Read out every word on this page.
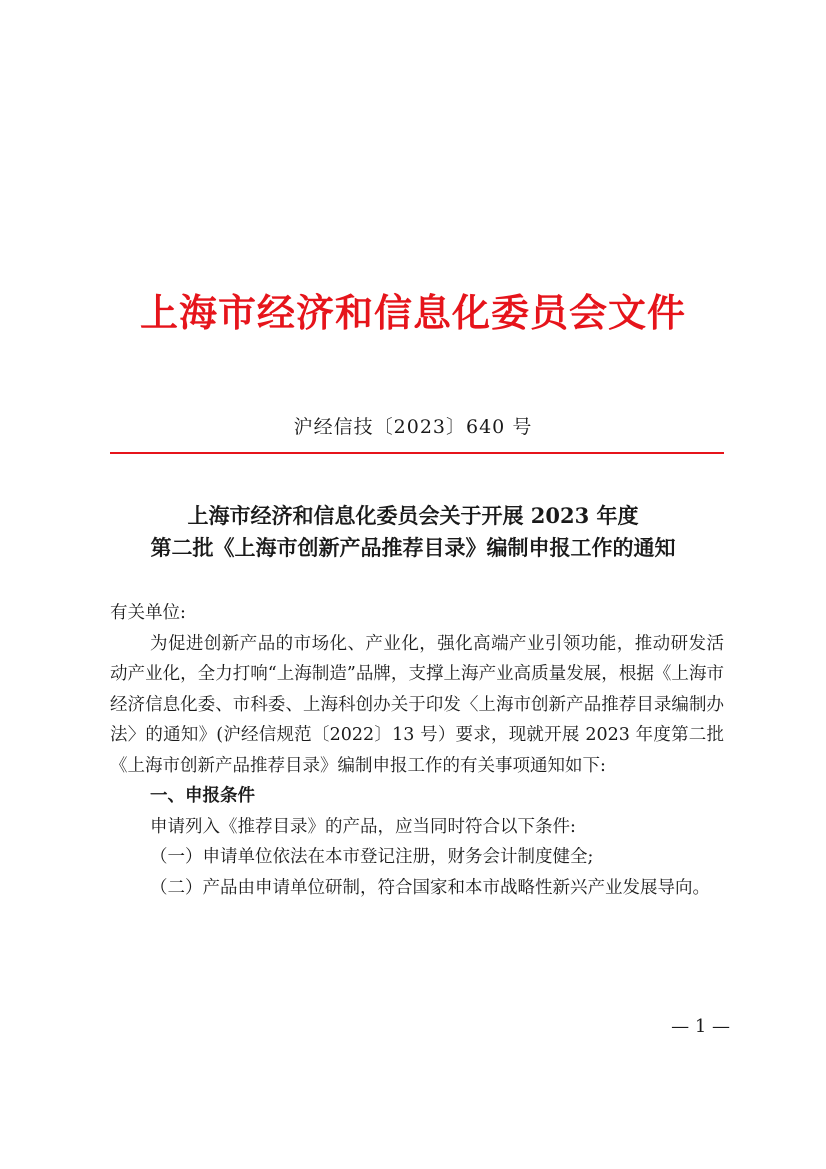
上海市经济和信息化委员会文件
沪经信技〔2023〕640 号
上海市经济和信息化委员会关于开展 2023 年度
第二批《上海市创新产品推荐目录》编制申报工作的通知

有关单位:

为促进创新产品的市场化、产业化，强化高端产业引领功能，推动研发活动产业化，全力打响“上海制造”品牌，支撑上海产业高质量发展，根据《上海市经济信息化委、市科委、上海科创办关于印发〈上海市创新产品推荐目录编制办法〉的通知》(沪经信规范〔2022〕13 号）要求，现就开展 2023 年度第二批《上海市创新产品推荐目录》编制申报工作的有关事项通知如下:

一、申报条件

申请列入《推荐目录》的产品，应当同时符合以下条件:

（一）申请单位依法在本市登记注册，财务会计制度健全;

（二）产品由申请单位研制，符合国家和本市战略性新兴产业发展导向。

— 1 —
